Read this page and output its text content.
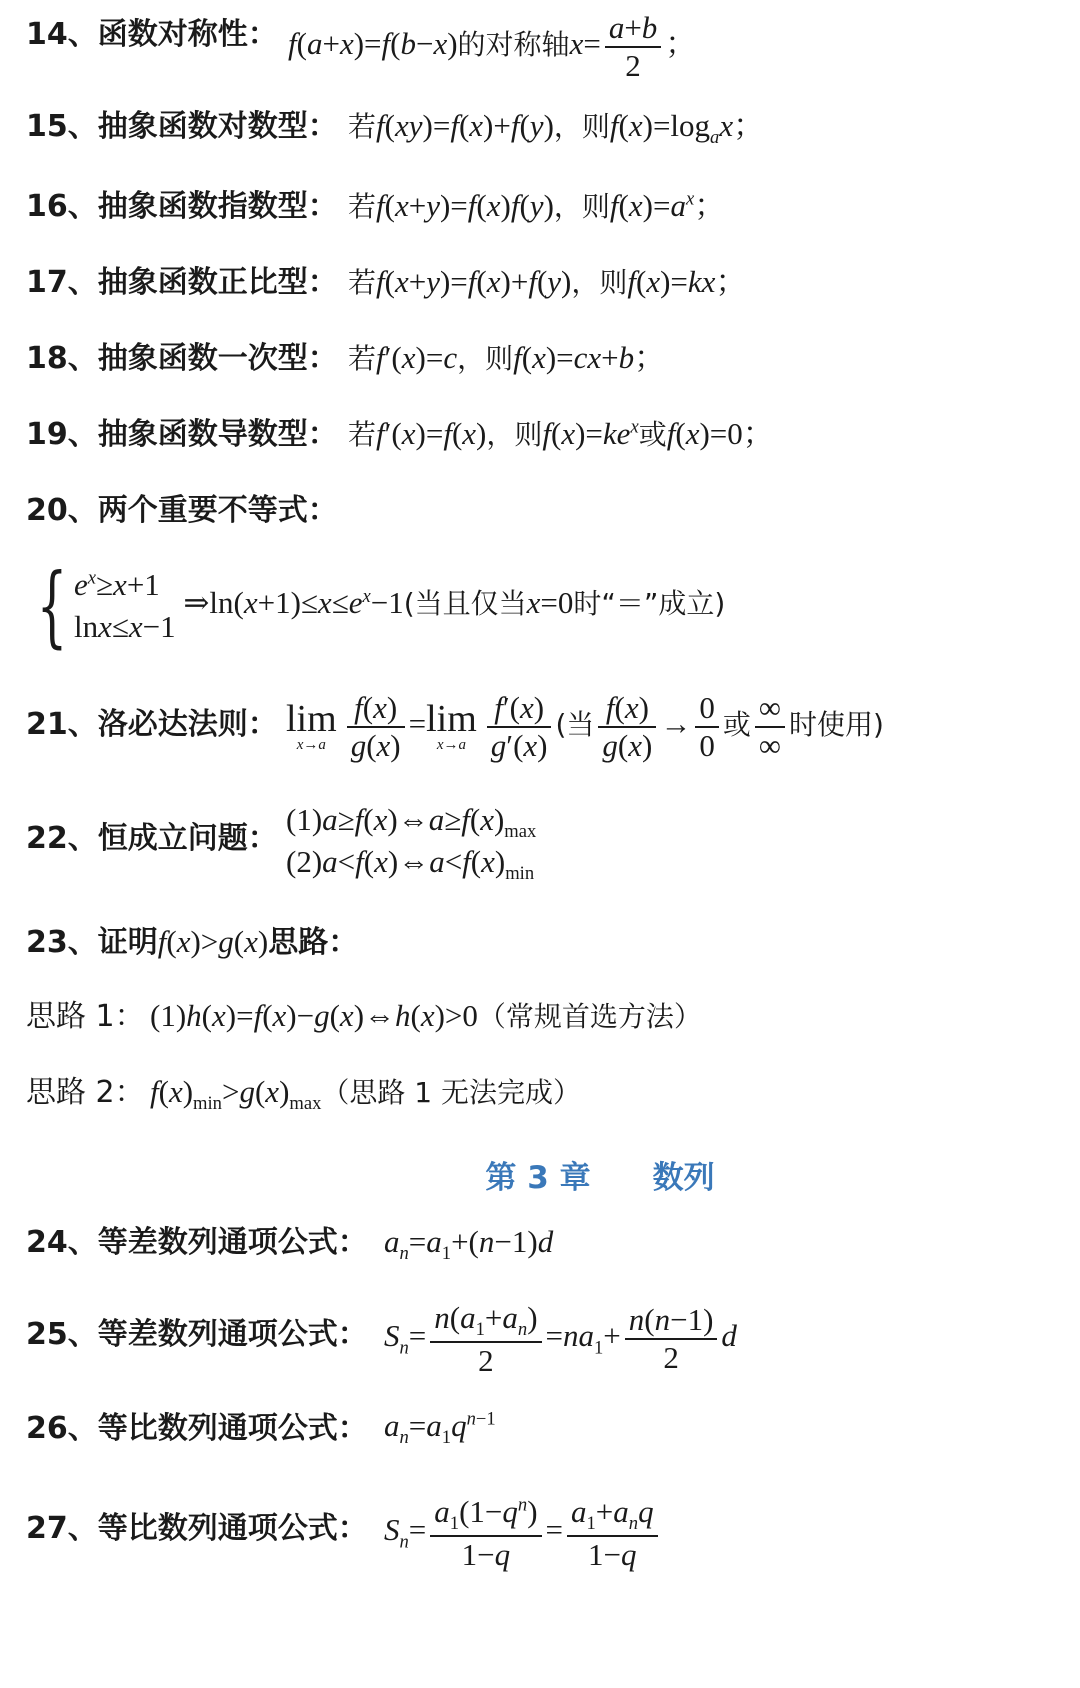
14、函数对称性： f(a+x)=f(b−x)的对称轴$x= \frac{a+b}{2}$ ；
15、抽象函数对数型： 若f(xy)=f(x)+f(y)，则$f(x)=\log_ax$；
16、抽象函数指数型： 若f(x+y)=f(x)f(y)，则$f(x)=a^x$；
17、抽象函数正比型： 若f(x+y)=f(x)+f(y)，则f(x)=kx；
18、抽象函数一次型： 若f′(x)=c，则f(x)=cx+b；
19、抽象函数导数型： 若f′(x)=f(x)，则$f(x)=ke^x$或f(x)=0；
20、两个重要不等式：
{ $e^x\ge x+1$
lnx≤x−1
$\Rightarrow\ln(x+1)\le x\le e^x-1$(当且仅当x=0时“＝”成立)
21、洛必达法则： lim
$x\to a \frac{f(x)}{g(x)} = \lim$
$x\to a \frac{f'(x)}{g'(x)}$ (当 $\frac{f(x)}{g(x)} \to \frac{0}{0}$ 或 $\frac{\infty}{\infty}$ 时使用)
22、恒成立问题：
$(1)a\ge f(x)\Leftrightarrow a\ge f(x)_{max}$
$(2)a<f(x)\Leftrightarrow a<f(x)_{min}$
23、证明f(x)>g(x)思路：
思路 1： (1)h(x)=f(x)−g(x)⇔h(x)>0（常规首选方法）
思路 2： $f(x)_{min}>g(x)_{max}$（思路 1 无法完成）
第 3 章　　数列
24、等差数列通项公式： $a_n=a_1+(n-1)d$
25、等差数列通项公式： $S_n= \frac{n(a_1+a_n)}{2} =na_1+ \frac{n(n-1)}{2}$ d
26、等比数列通项公式： $a_n=a_1q^{n-1}$
27、等比数列通项公式： $S_n= \frac{a_1(1-q^n)}{1-q} = \frac{a_1+a_nq}{1-q}$
